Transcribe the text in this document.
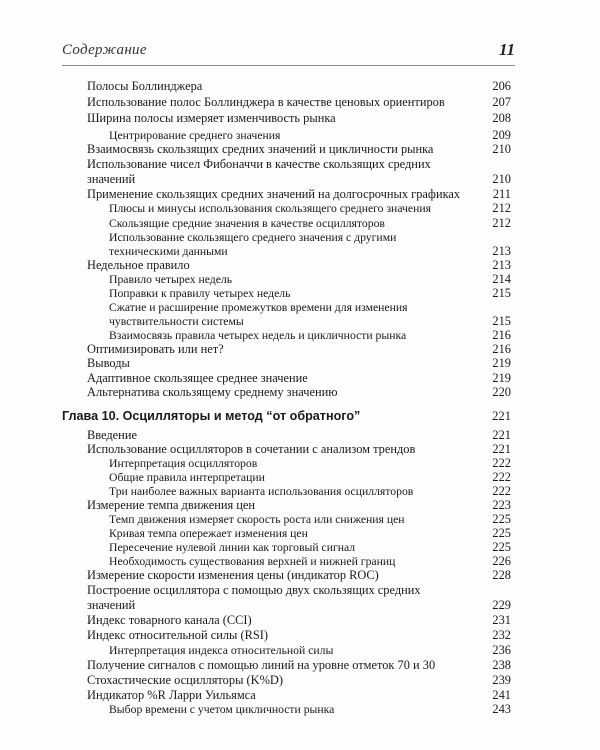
Содержание	11
Полосы Боллинджера	206
Использование полос Боллинджера в качестве ценовых ориентиров	207
Ширина полосы измеряет изменчивость рынка	208
Центрирование среднего значения	209
Взаимосвязь скользящих средних значений и цикличности рынка	210
Использование чисел Фибоначчи в качестве скользящих средних
значений	210
Применение скользящих средних значений на долгосрочных графиках	211
Плюсы и минусы использования скользящего среднего значения	212
Скользящие средние значения в качестве осцилляторов	212
Использование скользящего среднего значения с другими
техническими данными	213
Недельное правило	213
Правило четырех недель	214
Поправки к правилу четырех недель	215
Сжатие и расширение промежутков времени для изменения
чувствительности системы	215
Взаимосвязь правила четырех недель и цикличности рынка	216
Оптимизировать или нет?	216
Выводы	219
Адаптивное скользящее среднее значение	219
Альтернатива скользящему среднему значению	220
Глава 10. Осцилляторы и метод “от обратного”	221
Введение	221
Использование осцилляторов в сочетании с анализом трендов	221
Интерпретация осцилляторов	222
Общие правила интерпретации	222
Три наиболее важных варианта использования осцилляторов	222
Измерение темпа движения цен	223
Темп движения измеряет скорость роста или снижения цен	225
Кривая темпа опережает изменения цен	225
Пересечение нулевой линии как торговый сигнал	225
Необходимость существования верхней и нижней границ	226
Измерение скорости изменения цены (индикатор ROC)	228
Построение осциллятора с помощью двух скользящих средних
значений	229
Индекс товарного канала (CCI)	231
Индекс относительной силы (RSI)	232
Интерпретация индекса относительной силы	236
Получение сигналов с помощью линий на уровне отметок 70 и 30	238
Стохастические осцилляторы (K%D)	239
Индикатор %R Ларри Уильямса	241
Выбор времени с учетом цикличности рынка	243
